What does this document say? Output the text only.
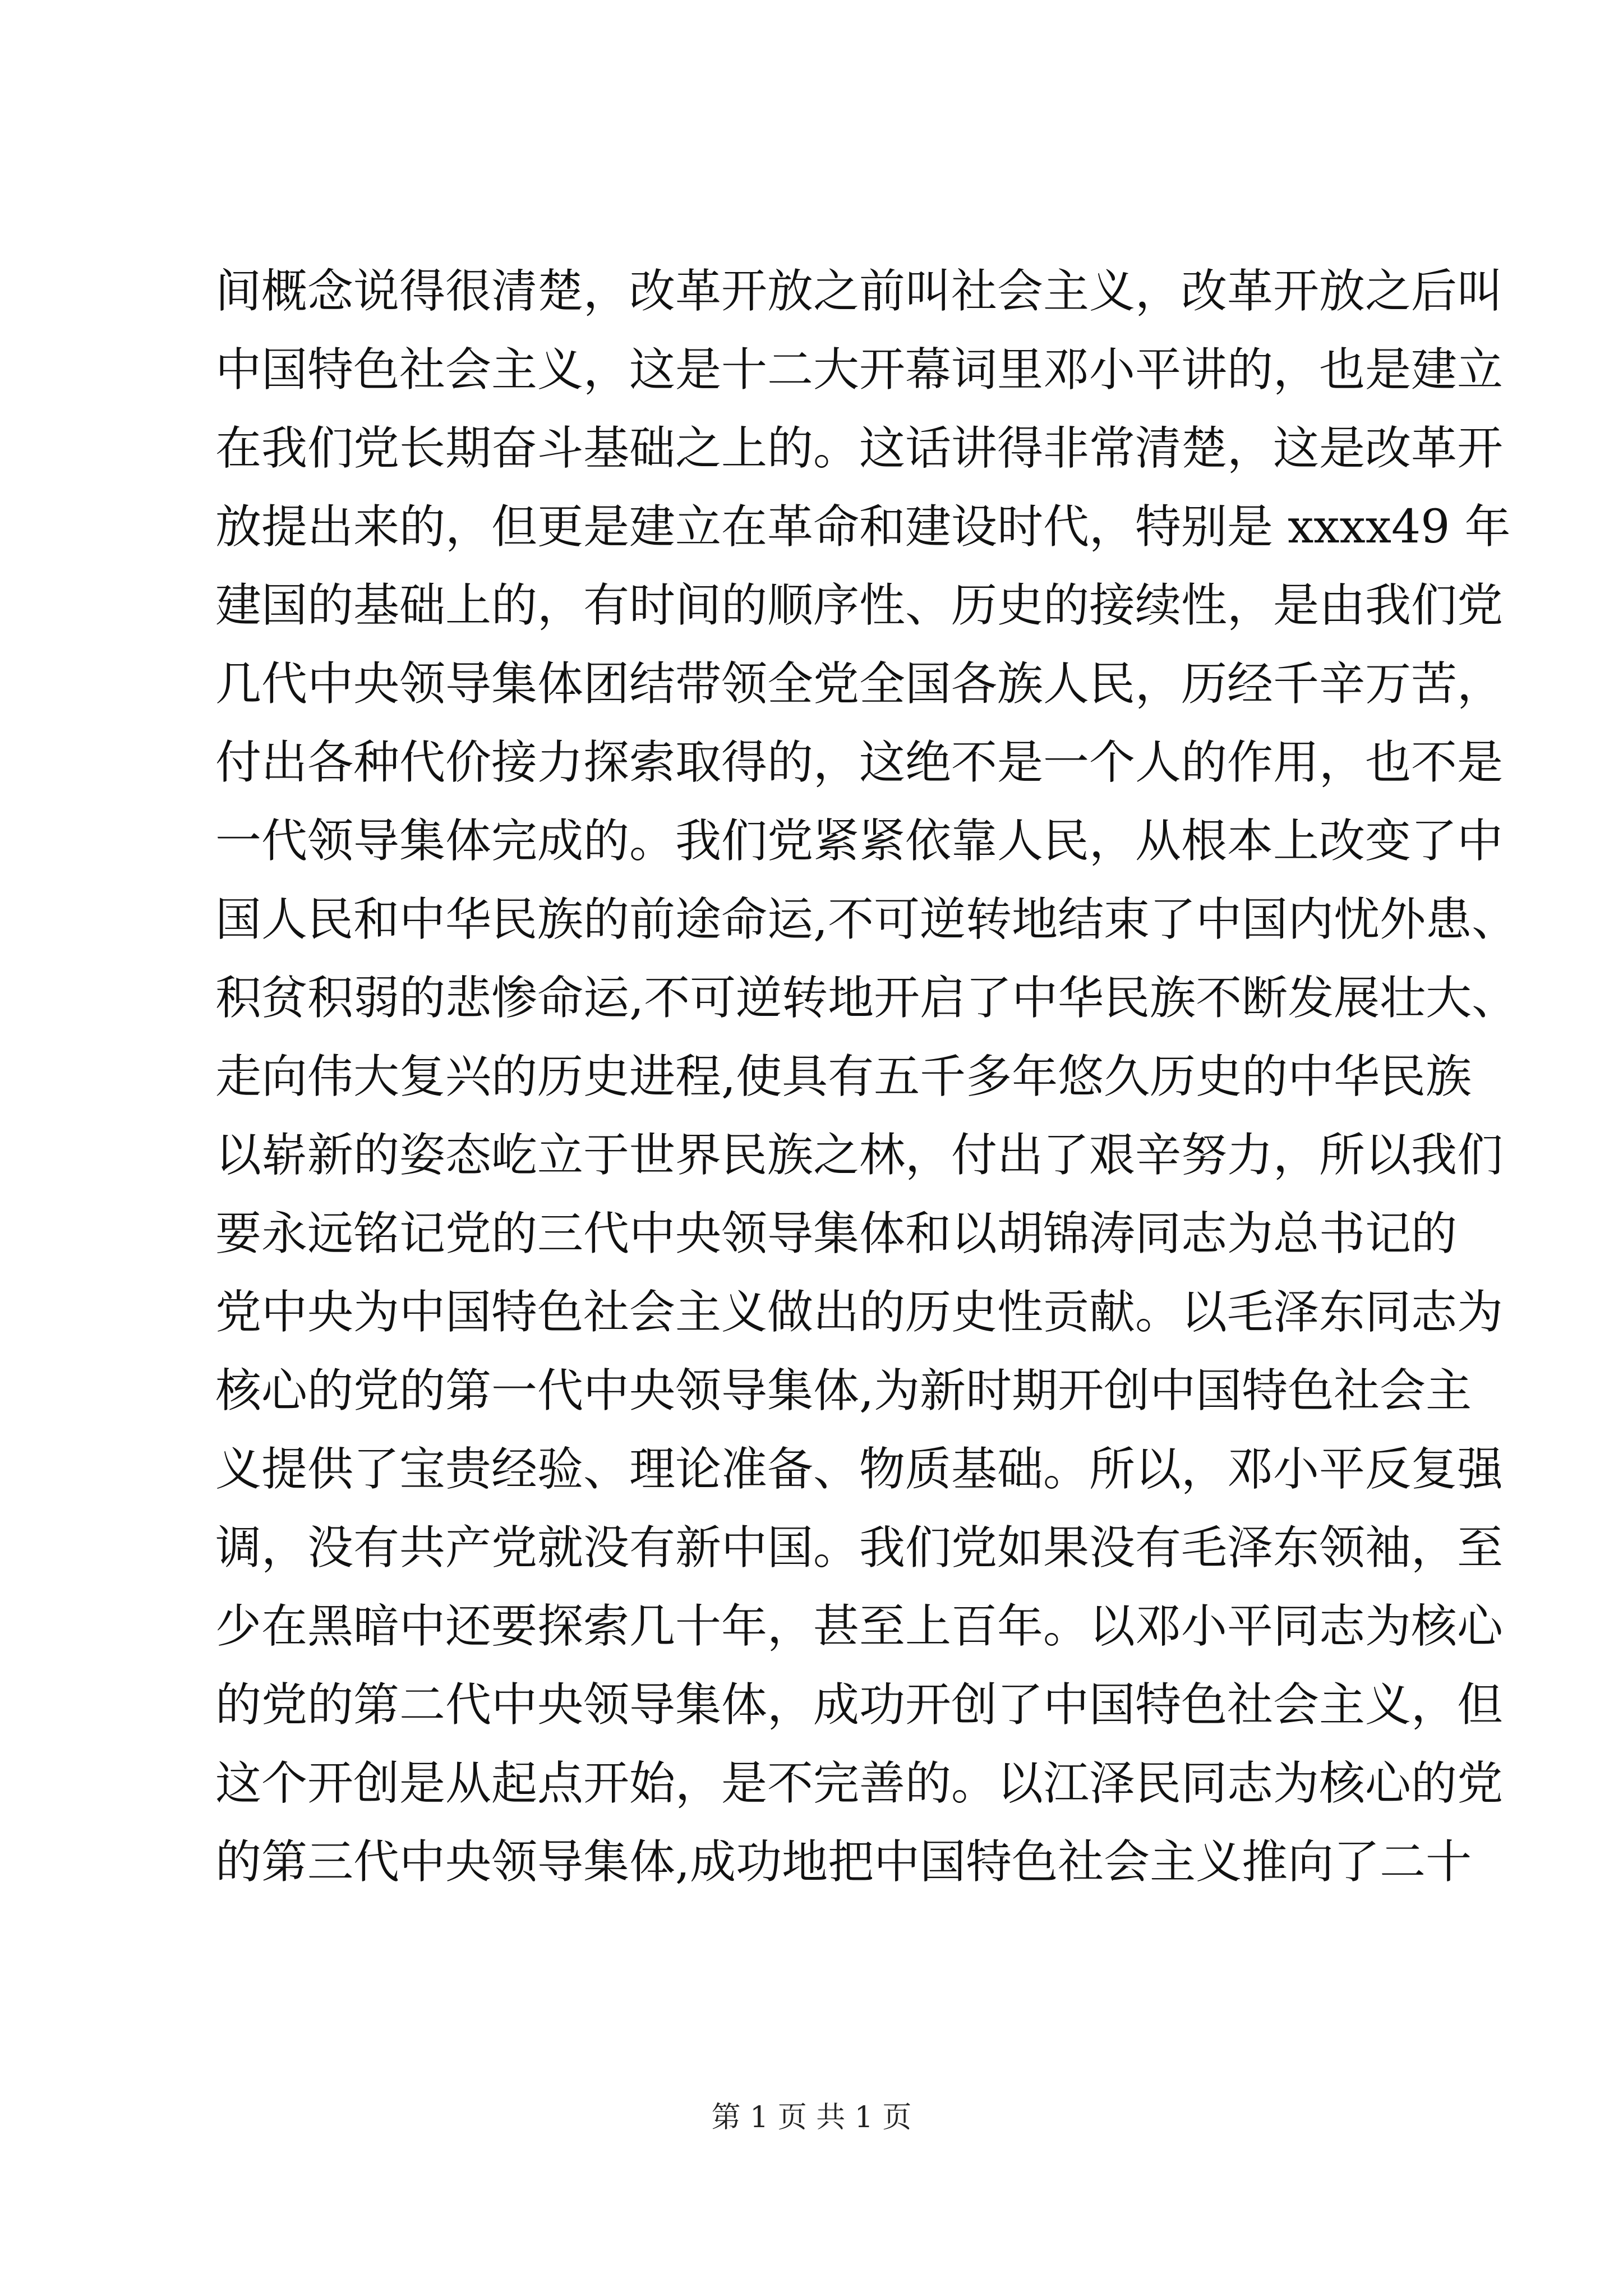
间概念说得很清楚，改革开放之前叫社会主义，改革开放之后叫
中国特色社会主义，这是十二大开幕词里邓小平讲的，也是建立
在我们党长期奋斗基础之上的。这话讲得非常清楚，这是改革开
放提出来的，但更是建立在革命和建设时代，特别是 xxxx49 年
建国的基础上的，有时间的顺序性、历史的接续性，是由我们党
几代中央领导集体团结带领全党全国各族人民，历经千辛万苦，
付出各种代价接力探索取得的，这绝不是一个人的作用，也不是
一代领导集体完成的。我们党紧紧依靠人民，从根本上改变了中
国人民和中华民族的前途命运,不可逆转地结束了中国内忧外患、
积贫积弱的悲惨命运,不可逆转地开启了中华民族不断发展壮大、
走向伟大复兴的历史进程,使具有五千多年悠久历史的中华民族
以崭新的姿态屹立于世界民族之林，付出了艰辛努力，所以我们
要永远铭记党的三代中央领导集体和以胡锦涛同志为总书记的
党中央为中国特色社会主义做出的历史性贡献。以毛泽东同志为
核心的党的第一代中央领导集体,为新时期开创中国特色社会主
义提供了宝贵经验、理论准备、物质基础。所以，邓小平反复强
调，没有共产党就没有新中国。我们党如果没有毛泽东领袖，至
少在黑暗中还要探索几十年，甚至上百年。以邓小平同志为核心
的党的第二代中央领导集体，成功开创了中国特色社会主义，但
这个开创是从起点开始，是不完善的。以江泽民同志为核心的党
的第三代中央领导集体,成功地把中国特色社会主义推向了二十
第 1 页 共 1 页
